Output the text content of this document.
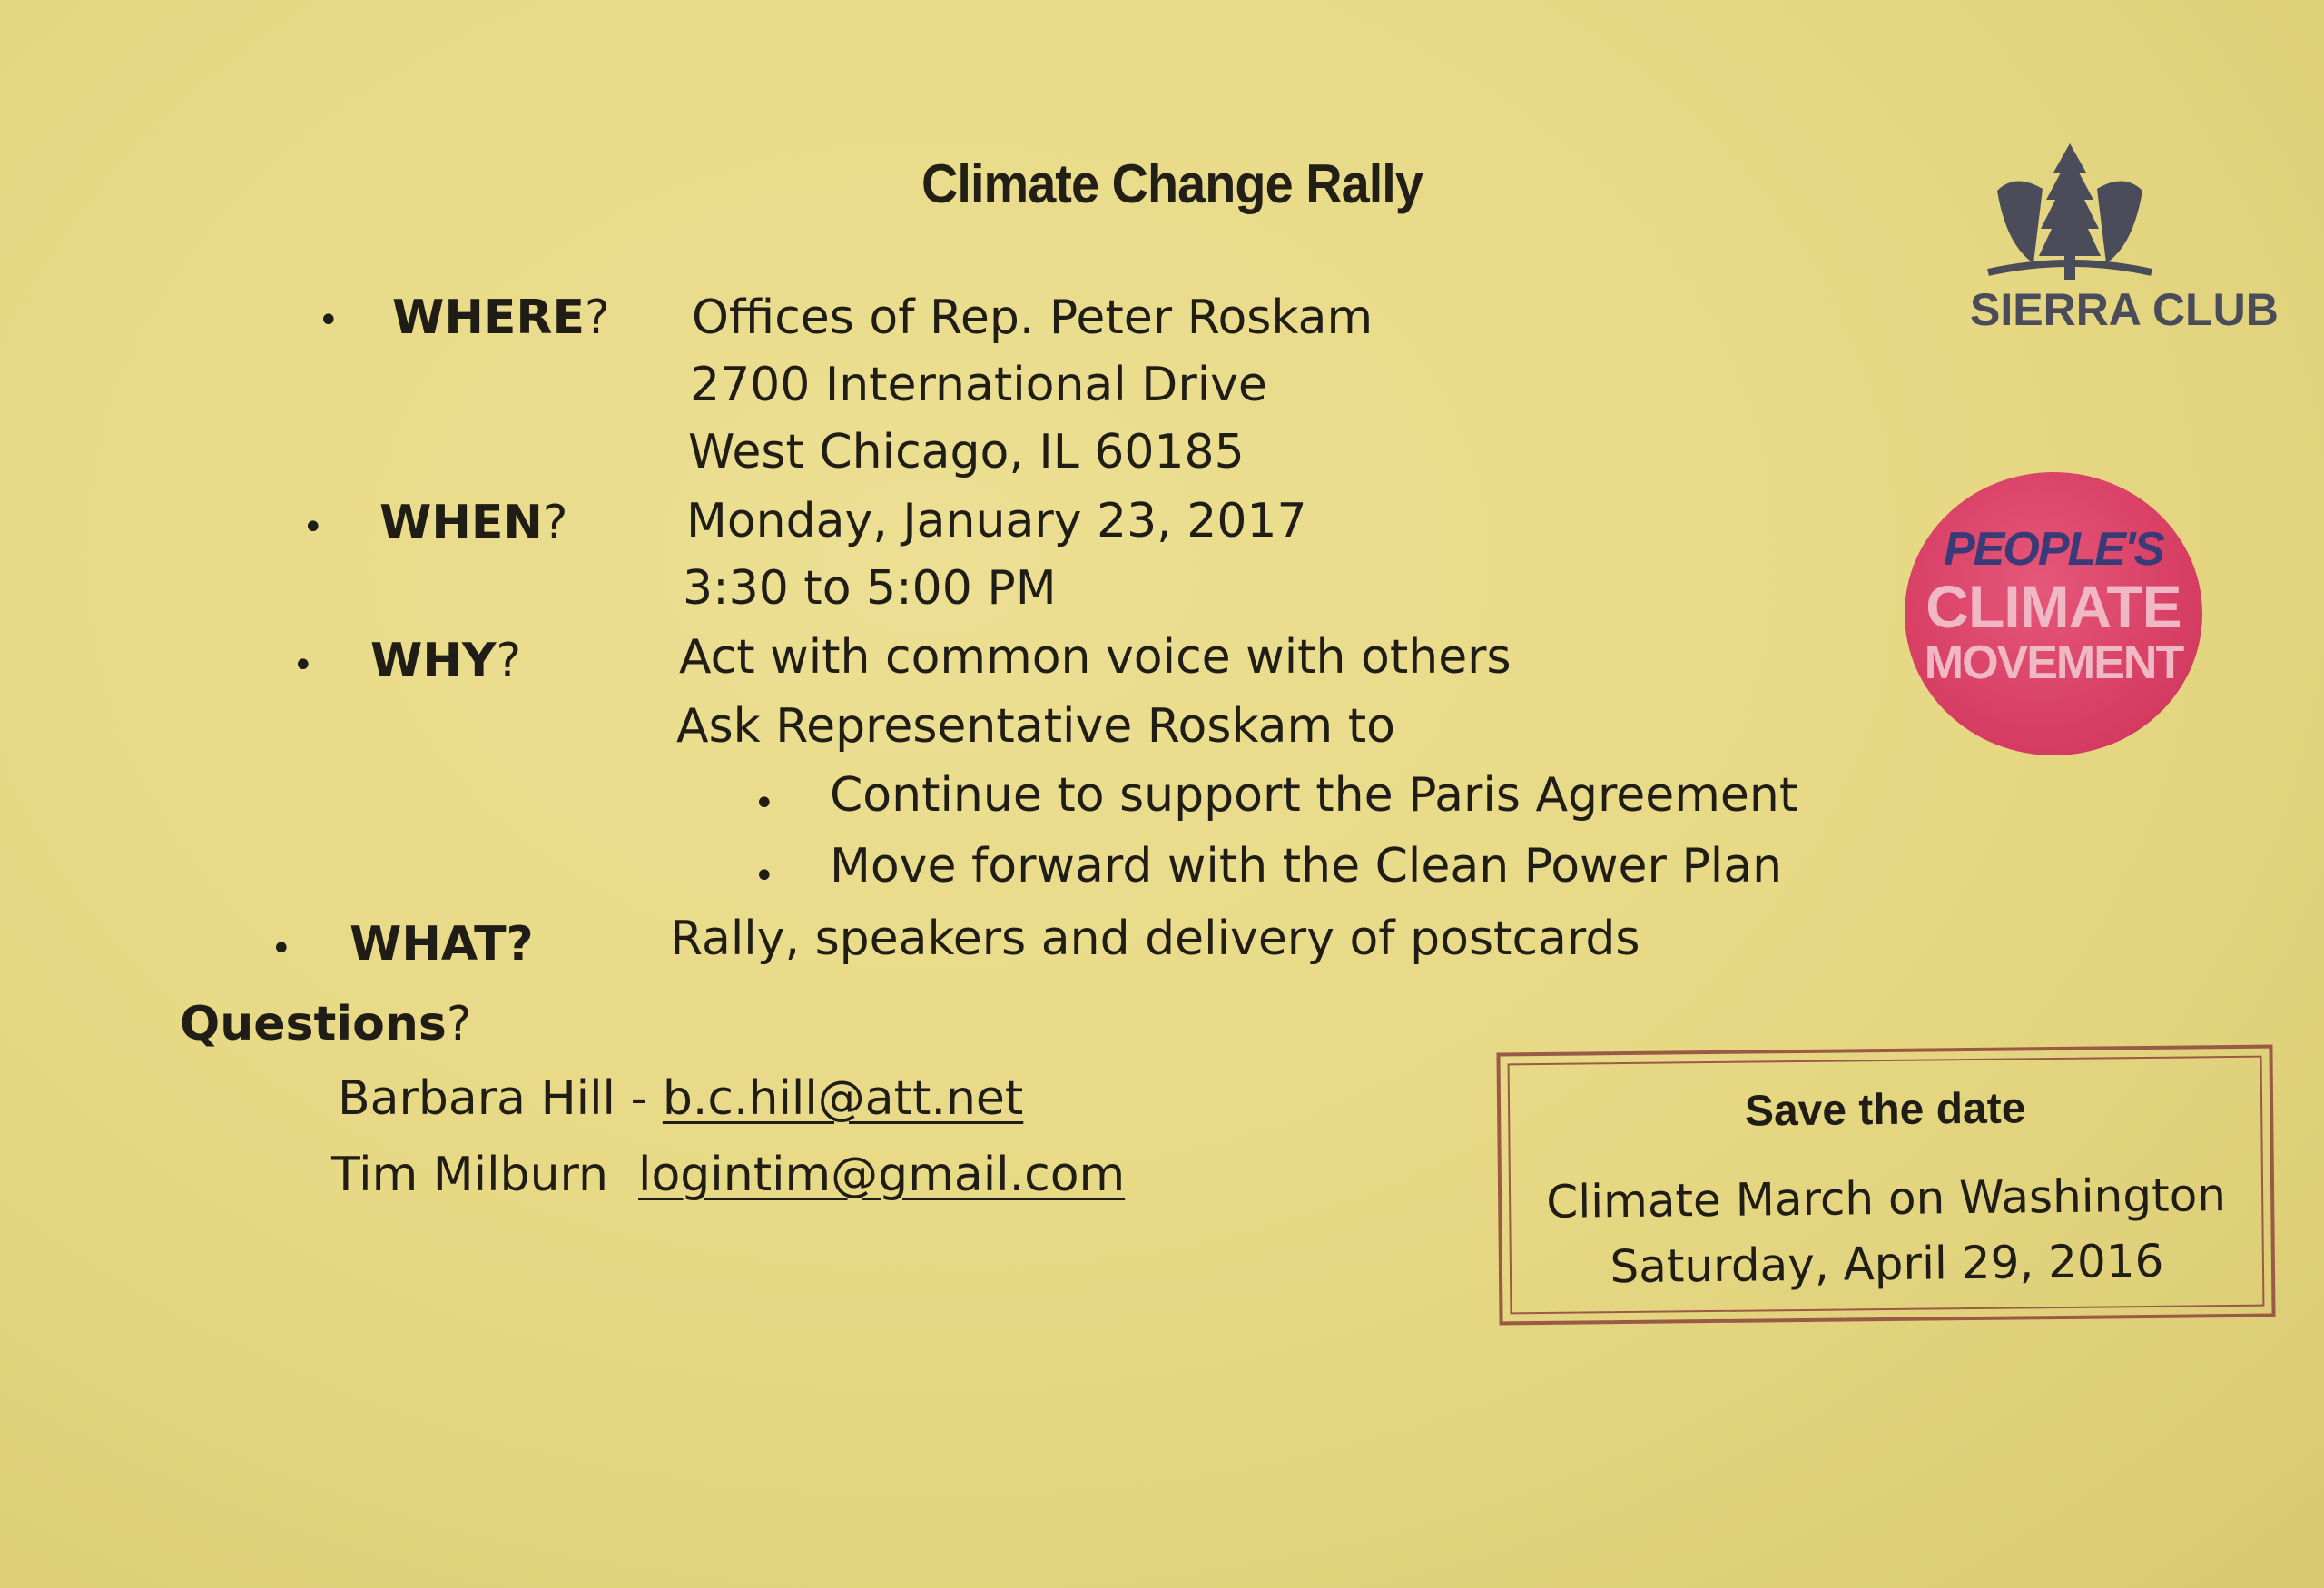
Climate Change Rally
• WHERE? Offices of Rep. Peter Roskam
2700 International Drive
West Chicago, IL 60185
• WHEN?	Monday, January 23, 2017
3:30 to 5:00 PM
• WHY?	Act with common voice with others
Ask Representative Roskam to
• Continue to support the Paris Agreement
• Move forward with the Clean Power Plan
• WHAT?	Rally, speakers and delivery of postcards
Questions?
Barbara Hill - b.c.hill@att.net
Tim Milburn logintim@gmail.com
SIERRA CLUB
PEOPLE'S
CLIMATE
MOVEMENT
Save the date
Climate March on Washington
Saturday, April 29, 2016
